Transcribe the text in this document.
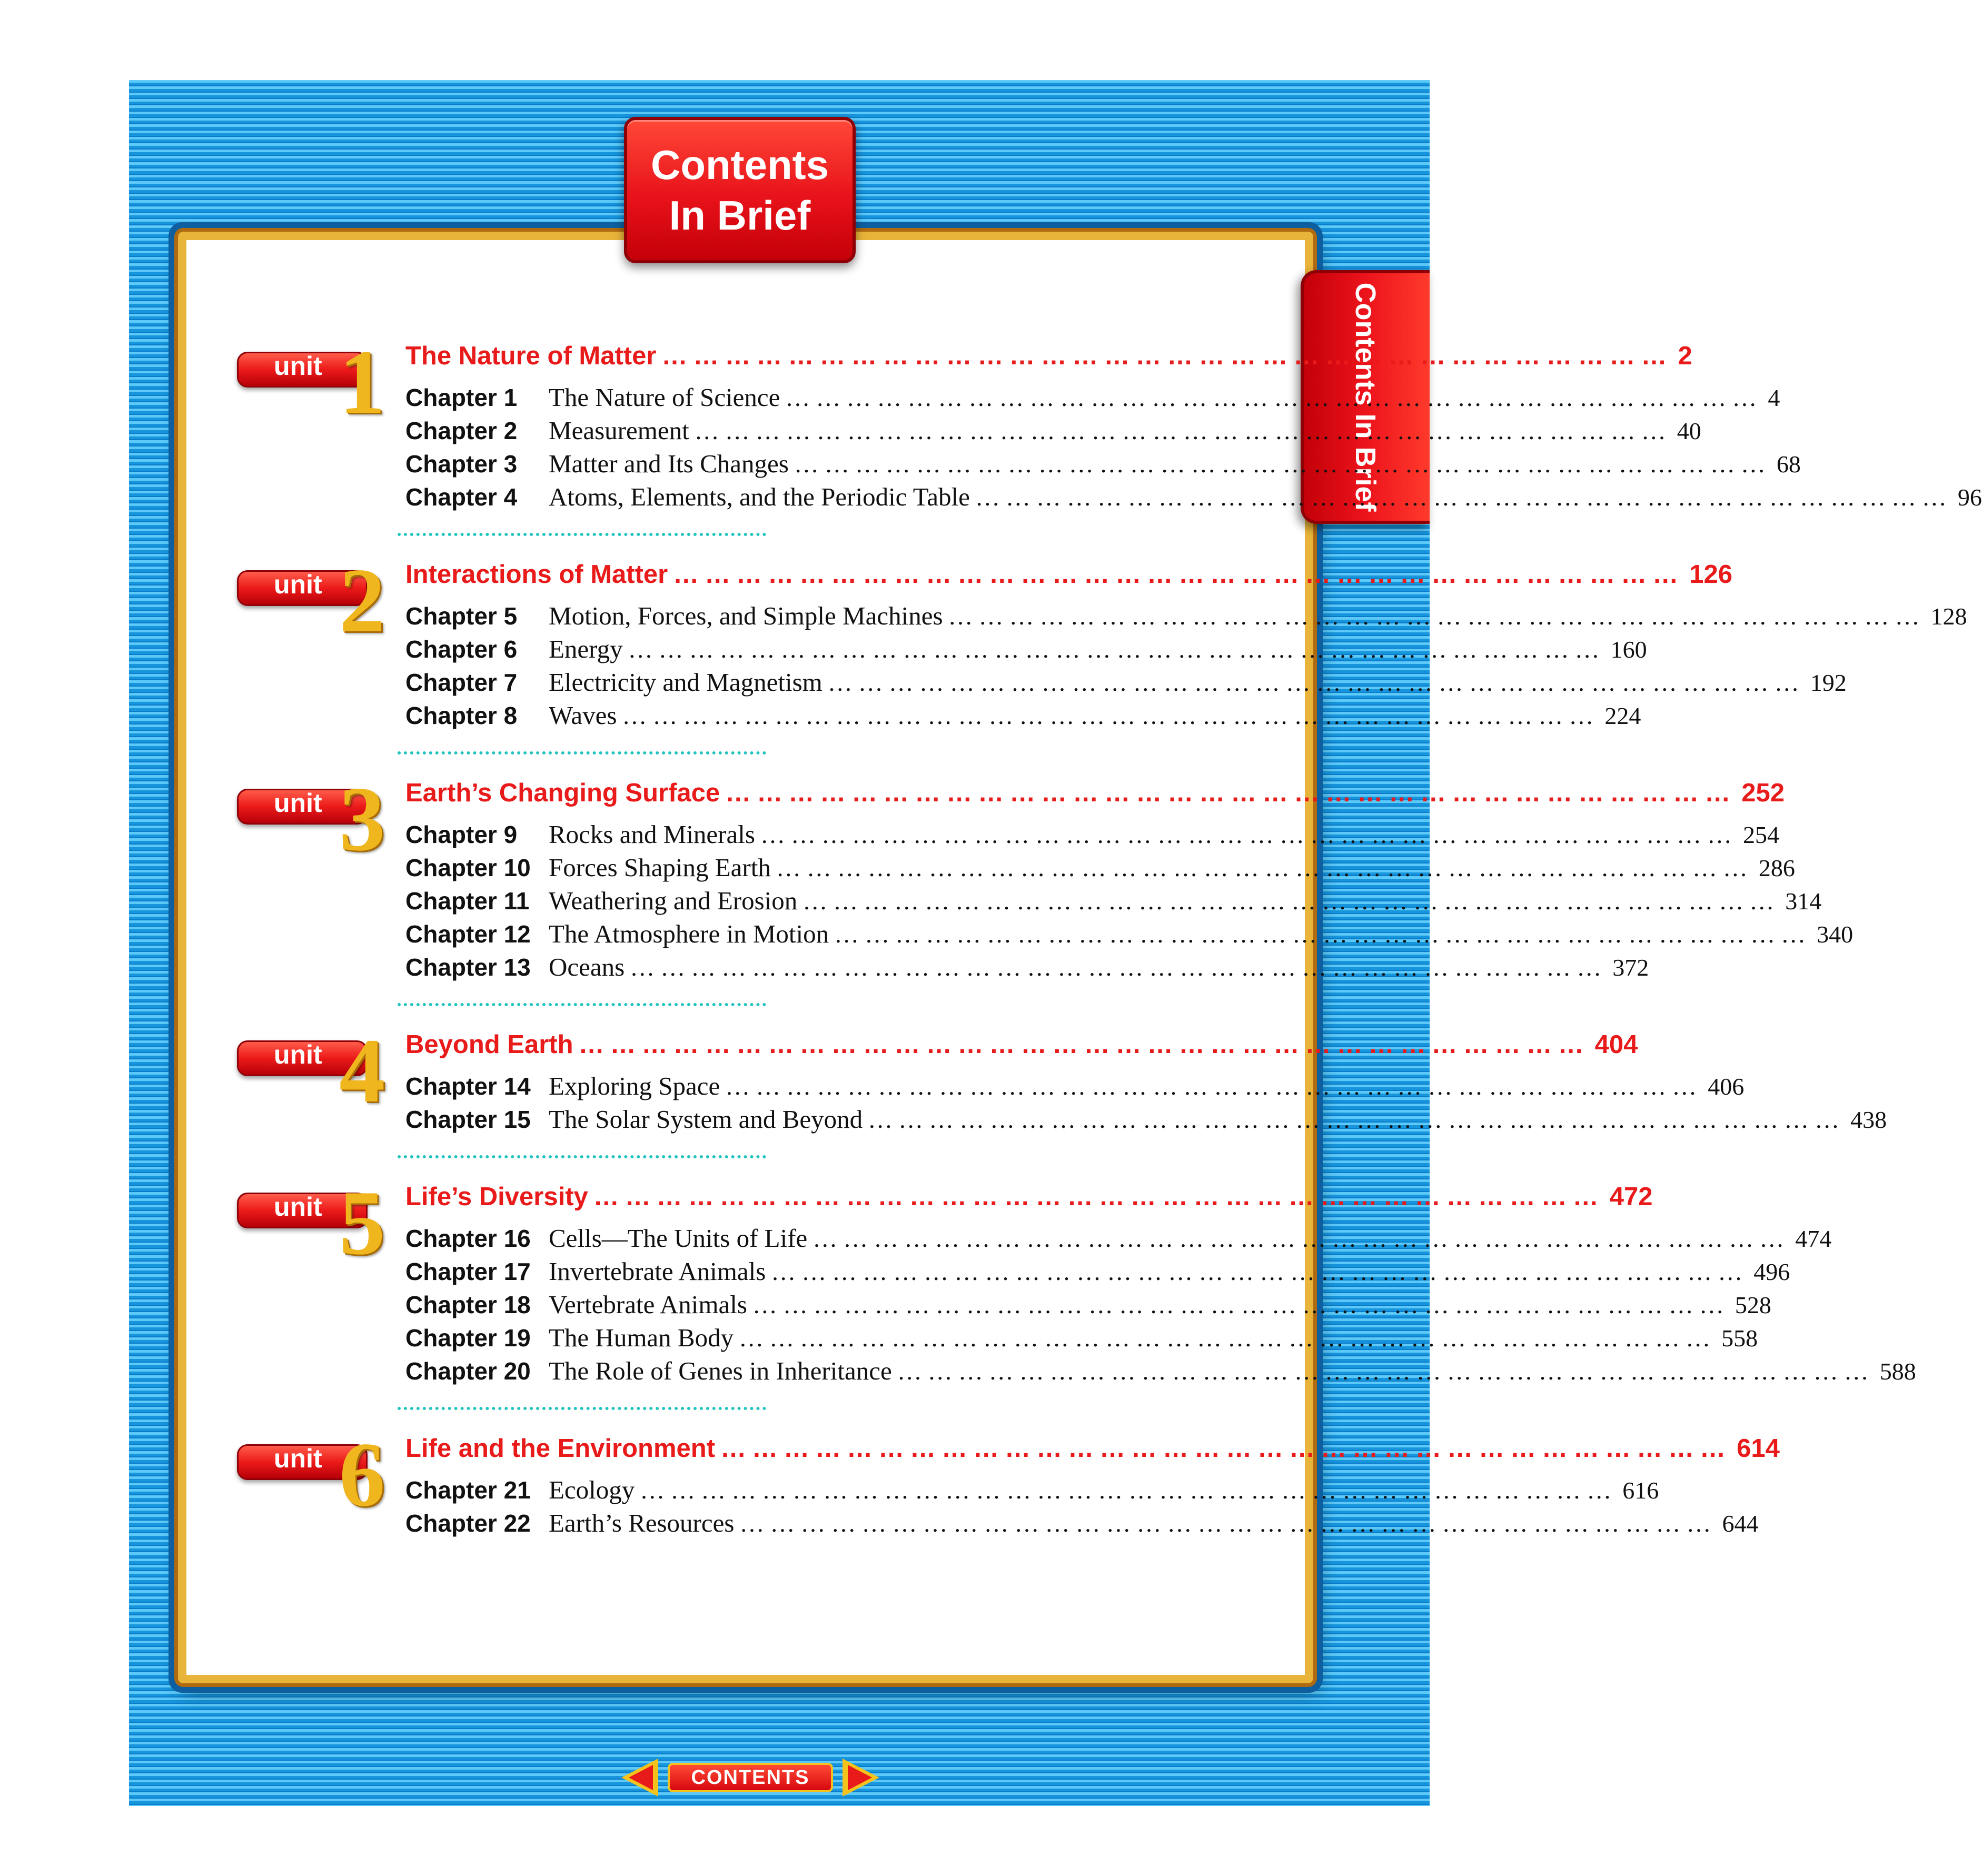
Contents
In Brief
Contents In Brief
unit 1 The Nature of Matter …………………………………………………………………………………… 2
Chapter 1	The Nature of Science …………………………………………………………………………………… 4
Chapter 2	Measurement …………………………………………………………………………………… 40
Chapter 3	Matter and Its Changes …………………………………………………………………………………… 68
Chapter 4	Atoms, Elements, and the Periodic Table …………………………………………………………………………………… 96
unit 2 Interactions of Matter …………………………………………………………………………………… 126
Chapter 5	Motion, Forces, and Simple Machines …………………………………………………………………………………… 128
Chapter 6	Energy …………………………………………………………………………………… 160
Chapter 7	Electricity and Magnetism …………………………………………………………………………………… 192
Chapter 8	Waves …………………………………………………………………………………… 224
unit 3 Earth’s Changing Surface …………………………………………………………………………………… 252
Chapter 9	Rocks and Minerals …………………………………………………………………………………… 254
Chapter 10 Forces Shaping Earth …………………………………………………………………………………… 286
Chapter 11 Weathering and Erosion …………………………………………………………………………………… 314
Chapter 12 The Atmosphere in Motion …………………………………………………………………………………… 340
Chapter 13 Oceans …………………………………………………………………………………… 372
unit 4 Beyond Earth …………………………………………………………………………………… 404
Chapter 14 Exploring Space …………………………………………………………………………………… 406
Chapter 15 The Solar System and Beyond …………………………………………………………………………………… 438
unit 5 Life’s Diversity …………………………………………………………………………………… 472
Chapter 16 Cells—The Units of Life …………………………………………………………………………………… 474
Chapter 17 Invertebrate Animals …………………………………………………………………………………… 496
Chapter 18 Vertebrate Animals …………………………………………………………………………………… 528
Chapter 19 The Human Body …………………………………………………………………………………… 558
Chapter 20 The Role of Genes in Inheritance …………………………………………………………………………………… 588
unit 6 Life and the Environment …………………………………………………………………………………… 614
Chapter 21 Ecology …………………………………………………………………………………… 616
Chapter 22 Earth’s Resources …………………………………………………………………………………… 644
CONTENTS
